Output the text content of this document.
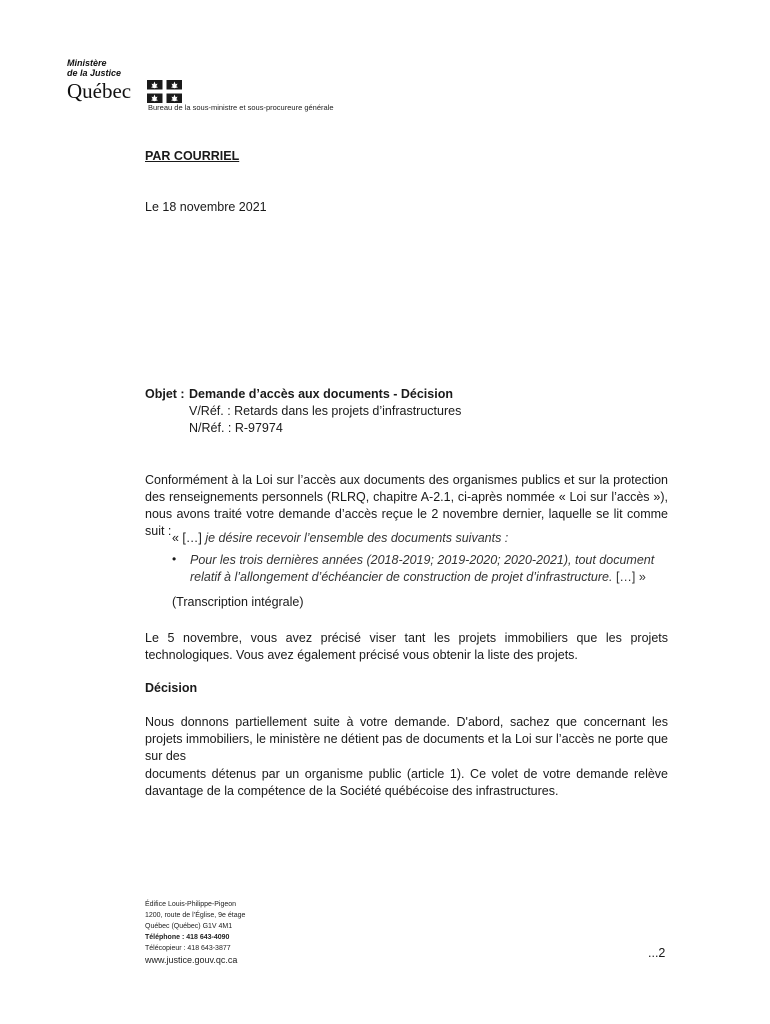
Ministère
de la Justice
Québec
Bureau de la sous-ministre et sous-procureure générale
PAR COURRIEL
Le 18 novembre 2021
Objet : Demande d’accès aux documents - Décision
V/Réf. : Retards dans les projets d’infrastructures
N/Réf. : R-97974
Conformément à la Loi sur l’accès aux documents des organismes publics et sur la protection des renseignements personnels (RLRQ, chapitre A-2.1, ci-après nommée « Loi sur l’accès »), nous avons traité votre demande d’accès reçue le 2 novembre dernier, laquelle se lit comme suit : « […] je désire recevoir l’ensemble des documents suivants :
• Pour les trois dernières années (2018-2019; 2019-2020; 2020-2021), tout document relatif à l’allongement d’échéancier de construction de projet d’infrastructure. […] »
(Transcription intégrale)
Le 5 novembre, vous avez précisé viser tant les projets immobiliers que les projets technologiques. Vous avez également précisé vous obtenir la liste des projets.
Décision
Nous donnons partiellement suite à votre demande. D'abord, sachez que concernant les projets immobiliers, le ministère ne détient pas de documents et la Loi sur l’accès ne porte que sur des
documents détenus par un organisme public (article 1). Ce volet de votre demande relève davantage de la compétence de la Société québécoise des infrastructures.
Édifice Louis-Philippe-Pigeon
1200, route de l’Église, 9e étage
Québec (Québec) G1V 4M1
Téléphone : 418 643-4090
Télécopieur : 418 643-3877
www.justice.gouv.qc.ca	...2
